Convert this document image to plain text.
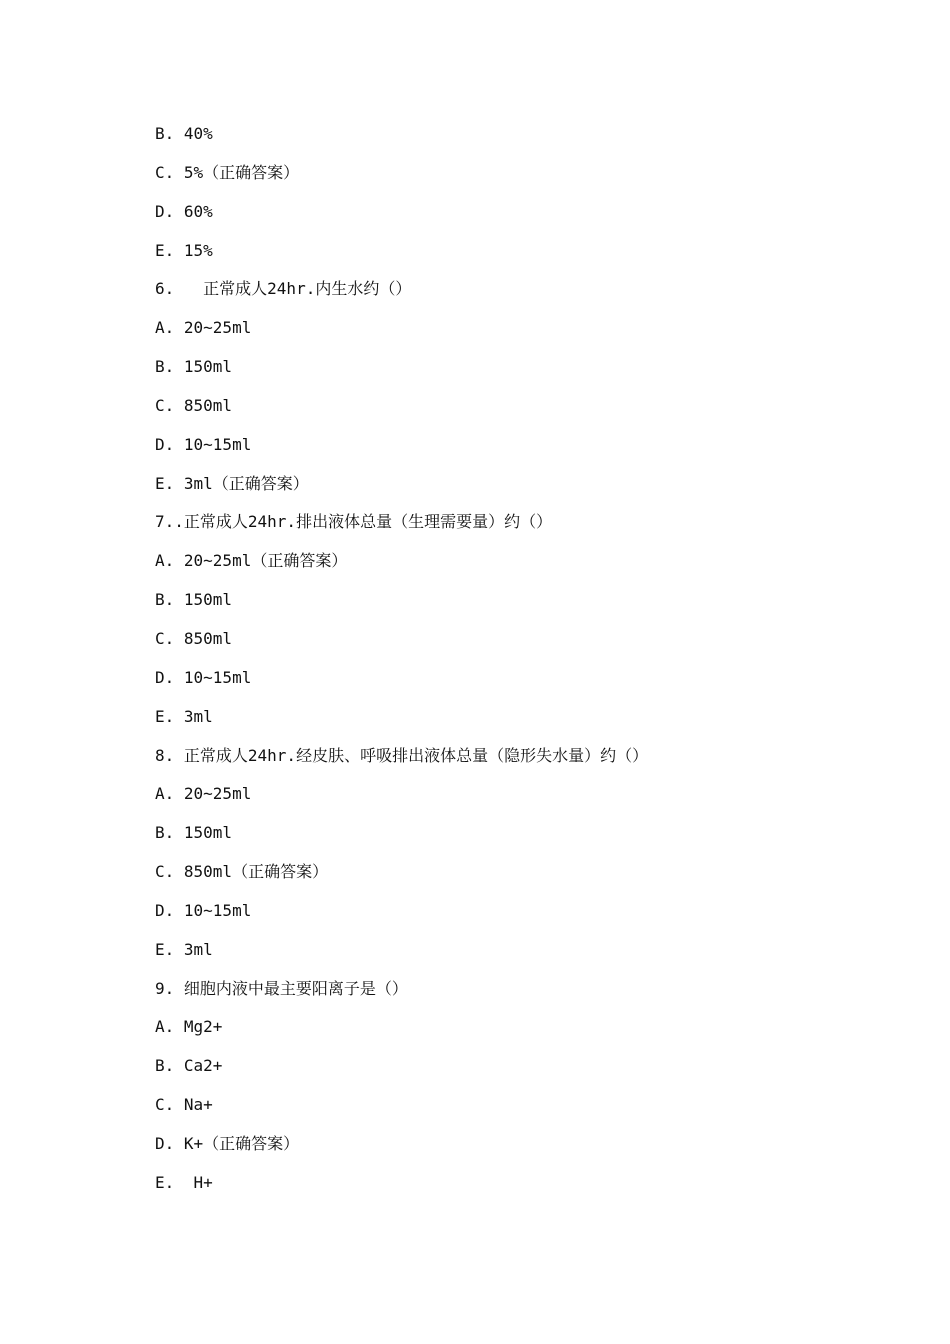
B. 40%
C. 5%（正确答案）
D. 60%
E. 15%
6.   正常成人24hr.内生水约（）
A. 20~25ml
B. 150ml
C. 850ml
D. 10~15ml
E. 3ml（正确答案）
7..正常成人24hr.排出液体总量（生理需要量）约（）
A. 20~25ml（正确答案）
B. 150ml
C. 850ml
D. 10~15ml
E. 3ml
8. 正常成人24hr.经皮肤、呼吸排出液体总量（隐形失水量）约（）
A. 20~25ml
B. 150ml
C. 850ml（正确答案）
D. 10~15ml
E. 3ml
9. 细胞内液中最主要阳离子是（）
A. Mg2+
B. Ca2+
C. Na+
D. K+（正确答案）
E.  H+
